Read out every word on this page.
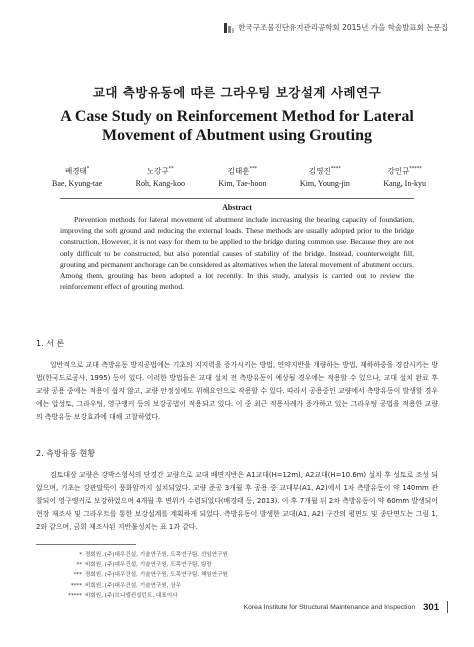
한국구조물진단유지관리공학회 2015년 가을 학술발표회 논문집
교대 측방유동에 따른 그라우팅 보강설계 사례연구
A Case Study on Reinforcement Method for Lateral
Movement of Abutment using Grouting
배경태*
Bae, Kyung-tae
노강구**
Roh, Kang-koo
김태훈***
Kim, Tae-hoon
김영진****
Kim, Young-jin
강인규*****
Kang, In-kyu
Abstract
Prevention methods for lateral movement of abutment include increasing the bearing capacity of foundation, improving the soft ground and reducing the external loads. These methods are usually adopted prior to the bridge construction. However, it is not easy for them to be applied to the bridge during common use. Because they are not only difficult to be constructed, but also potential causes of stability of the bridge. Instead, counterweight fill, grouting and permanent anchorage can be considered as alternatives when the lateral movement of abutment occurs. Among them, grouting has been adopted a lot recently. In this study, analysis is carried out to review the reinforcement effect of grouting method.
1. 서 론
일반적으로 교대 측방유동 방지공법에는 기초의 지지력을 증가시키는 방법, 연약지반을 개량하는 방법, 재하하중을 경감시키는 방법(한국도로공사, 1995) 등이 있다. 이러한 방법들은 교대 설치 전 측방유동이 예상될 경우에는 적용할 수 있으나, 교대 설치 완료 후 교량 공용 중에는 적용이 쉽지 않고, 교량 안정성에도 위해요인으로 작용할 수 있다. 따라서 공용중인 교량에서 측방유동이 발생할 경우에는 압성토, 그라우팅, 영구앵커 등의 보강공법이 적용되고 있다. 이 중 최근 적용사례가 증가하고 있는 그라우팅 공법을 적용한 교량의 측방유동 보강효과에 대해 고찰하였다.
2. 측방유동 현황
검토대상 교량은 강박스형식의 단경간 교량으로 교대 배면지반은 A1교대(H=12m), A2교대(H=10.6m) 설치 후 성토로 조성 되었으며, 기초는 강관말뚝이 풍화암까지 설치되었다. 교량 준공 3개월 후 공용 중 교대부(A1, A2)에서 1차 측방유동이 약 140mm 관찰되어 영구앵커로 보강하였으며 4개월 후 변위가 수렴되었다(배경태 등, 2013). 이 후 7개월 뒤 2차 측방유동이 약 60mm 발생되어 현장 재조사 및 그라우트를 통한 보강설계를 계획하게 되었다. 측방유동이 발생한 교대(A1, A2) 구간의 평면도 및 종단면도는 그림 1, 2와 같으며, 금회 재조사된 지반물성치는 표 1과 같다.
* 정회원, (주)대우건설, 기술연구원, 도목연구팀, 선임연구원
** 비회원, (주)대우건설, 기술연구원, 도목연구팀, 팀장
*** 정회원, (주)대우건설, 기술연구원, 도목연구팀, 책임연구원
**** 비회원, (주)대우건설, 기술연구원, 상무
***** 비회원, (주)브니엘컨설턴트, 대표이사
Korea Institute for Structural Maintenance and Inspection 301
